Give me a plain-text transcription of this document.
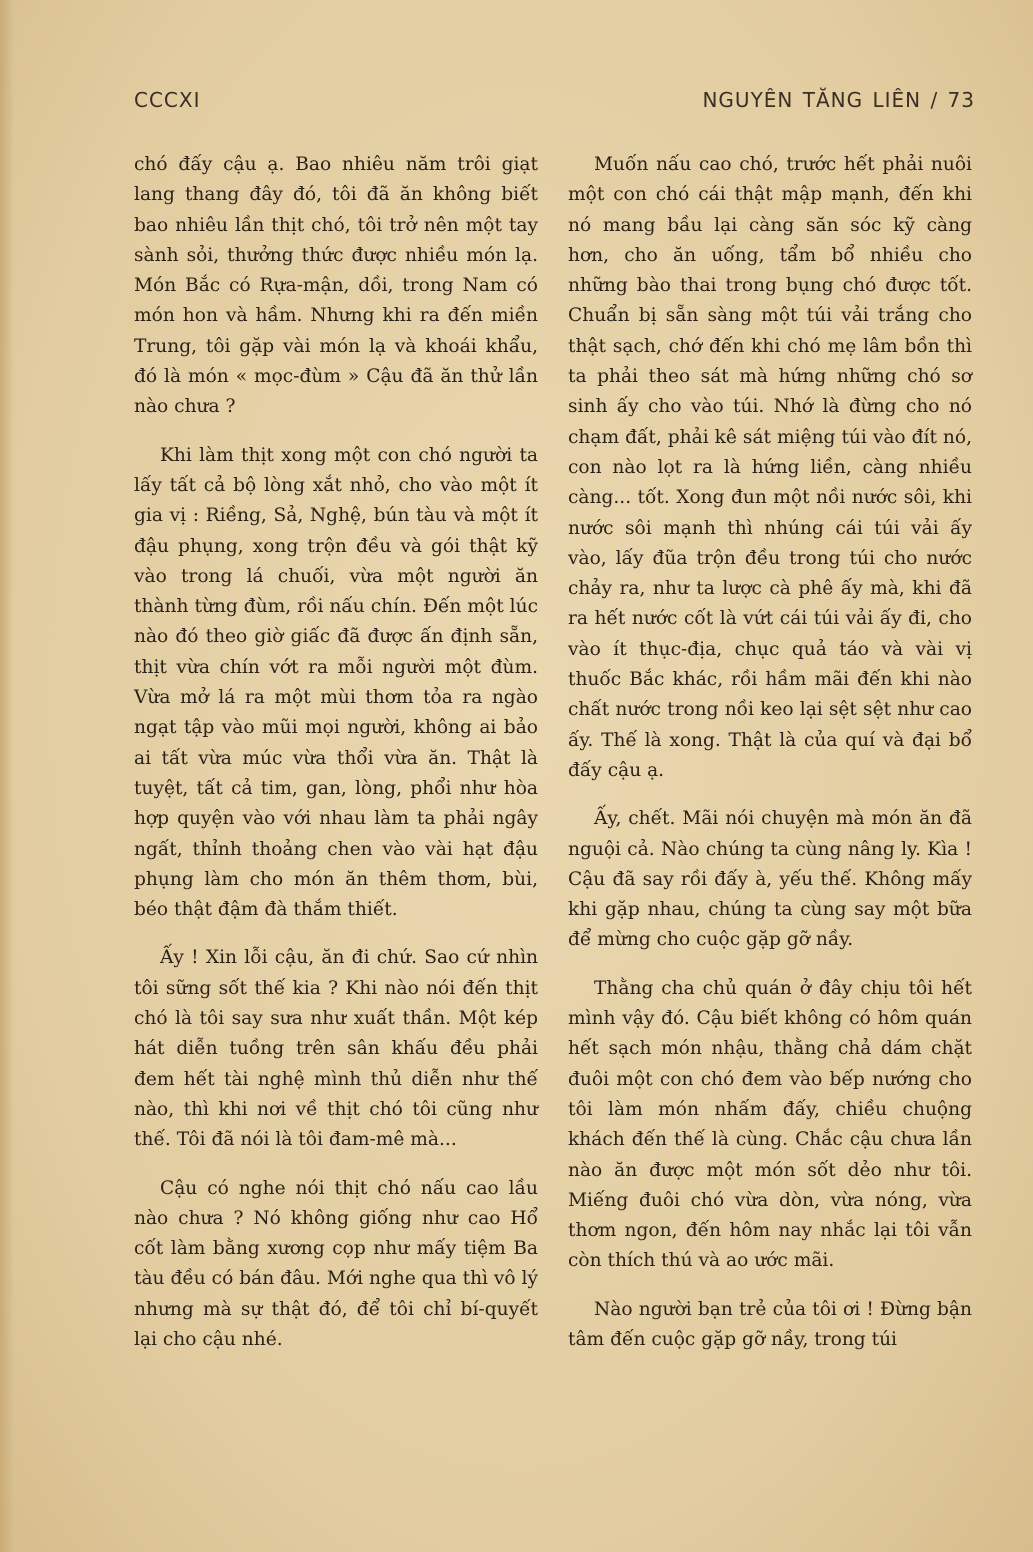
CCCXI	NGUYÊN TĂNG LIÊN / 73

chó đấy cậu ạ. Bao nhiêu năm trôi giạt lang thang đây đó, tôi đã ăn không biết bao nhiêu lần thịt chó, tôi trở nên một tay sành sỏi, thưởng thức được nhiều món lạ. Món Bắc có Rựa-mận, dồi, trong Nam có món hon và hầm. Nhưng khi ra đến miền Trung, tôi gặp vài món lạ và khoái khẩu, đó là món « mọc-đùm » Cậu đã ăn thử lần nào chưa ?

Khi làm thịt xong một con chó người ta lấy tất cả bộ lòng xắt nhỏ, cho vào một ít gia vị : Riềng, Sả, Nghệ, bún tàu và một ít đậu phụng, xong trộn đều và gói thật kỹ vào trong lá chuối, vừa một người ăn thành từng đùm, rồi nấu chín. Đến một lúc nào đó theo giờ giấc đã được ấn định sẵn, thịt vừa chín vớt ra mỗi người một đùm. Vừa mở lá ra một mùi thơm tỏa ra ngào ngạt tập vào mũi mọi người, không ai bảo ai tất vừa múc vừa thổi vừa ăn. Thật là tuyệt, tất cả tim, gan, lòng, phổi như hòa hợp quyện vào với nhau làm ta phải ngây ngất, thỉnh thoảng chen vào vài hạt đậu phụng làm cho món ăn thêm thơm, bùi, béo thật đậm đà thắm thiết.

Ấy ! Xin lỗi cậu, ăn đi chứ. Sao cứ nhìn tôi sững sốt thế kia ? Khi nào nói đến thịt chó là tôi say sưa như xuất thần. Một kép hát diễn tuồng trên sân khấu đều phải đem hết tài nghệ mình thủ diễn như thế nào, thì khi nơi về thịt chó tôi cũng như thế. Tôi đã nói là tôi đam-mê mà...

Cậu có nghe nói thịt chó nấu cao lầu nào chưa ? Nó không giống như cao Hổ cốt làm bằng xương cọp như mấy tiệm Ba tàu đều có bán đâu. Mới nghe qua thì vô lý nhưng mà sự thật đó, để tôi chỉ bí-quyết lại cho cậu nhé.

Muốn nấu cao chó, trước hết phải nuôi một con chó cái thật mập mạnh, đến khi nó mang bầu lại càng săn sóc kỹ càng hơn, cho ăn uống, tẩm bổ nhiều cho những bào thai trong bụng chó được tốt. Chuẩn bị sẵn sàng một túi vải trắng cho thật sạch, chớ đến khi chó mẹ lâm bồn thì ta phải theo sát mà hứng những chó sơ sinh ấy cho vào túi. Nhớ là đừng cho nó chạm đất, phải kê sát miệng túi vào đít nó, con nào lọt ra là hứng liền, càng nhiều càng... tốt. Xong đun một nồi nước sôi, khi nước sôi mạnh thì nhúng cái túi vải ấy vào, lấy đũa trộn đều trong túi cho nước chảy ra, như ta lược cà phê ấy mà, khi đã ra hết nước cốt là vứt cái túi vải ấy đi, cho vào ít thục-địa, chục quả táo và vài vị thuốc Bắc khác, rồi hầm mãi đến khi nào chất nước trong nồi keo lại sệt sệt như cao ấy. Thế là xong. Thật là của quí và đại bổ đấy cậu ạ.

Ấy, chết. Mãi nói chuyện mà món ăn đã nguội cả. Nào chúng ta cùng nâng ly. Kìa ! Cậu đã say rồi đấy à, yếu thế. Không mấy khi gặp nhau, chúng ta cùng say một bữa để mừng cho cuộc gặp gỡ nầy.

Thằng cha chủ quán ở đây chịu tôi hết mình vậy đó. Cậu biết không có hôm quán hết sạch món nhậu, thằng chả dám chặt đuôi một con chó đem vào bếp nướng cho tôi làm món nhấm đấy, chiều chuộng khách đến thế là cùng. Chắc cậu chưa lần nào ăn được một món sốt dẻo như tôi. Miếng đuôi chó vừa dòn, vừa nóng, vừa thơm ngon, đến hôm nay nhắc lại tôi vẫn còn thích thú và ao ước mãi.

Nào người bạn trẻ của tôi ơi ! Đừng bận tâm đến cuộc gặp gỡ nầy, trong túi
